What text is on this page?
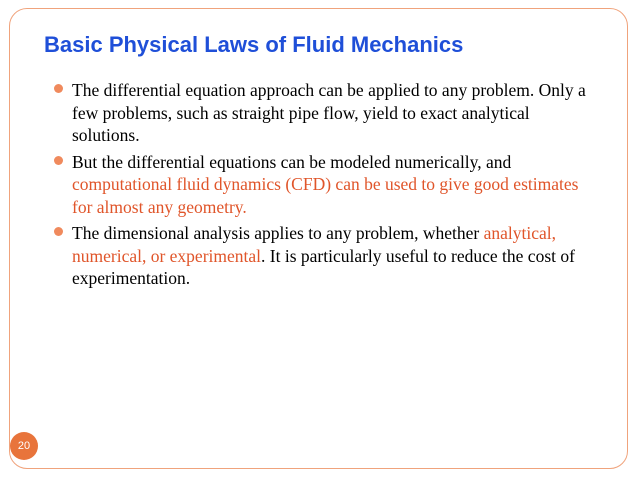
Basic Physical Laws of Fluid Mechanics
The differential equation approach can be applied to any problem. Only a few problems, such as straight pipe flow, yield to exact analytical solutions.
But the differential equations can be modeled numerically, and computational fluid dynamics (CFD) can be used to give good estimates for almost any geometry.
The dimensional analysis applies to any problem, whether analytical, numerical, or experimental. It is particularly useful to reduce the cost of experimentation.
20
